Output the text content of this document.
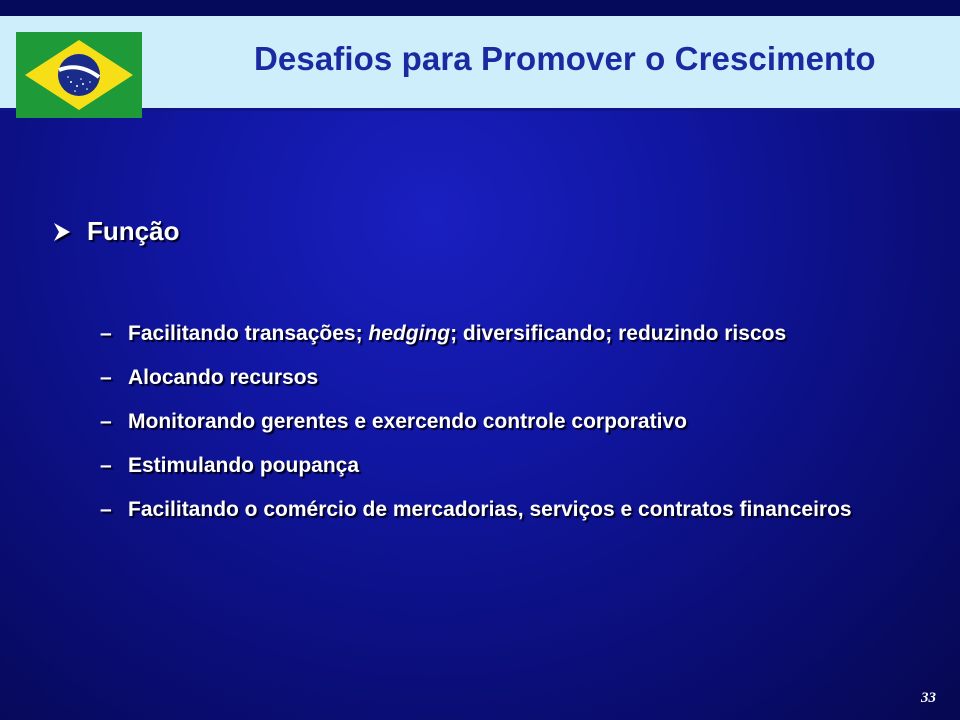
Desafios para Promover o Crescimento
Função
– Facilitando transações; hedging; diversificando; reduzindo riscos
– Alocando recursos
– Monitorando gerentes e exercendo controle corporativo
– Estimulando poupança
– Facilitando o comércio de mercadorias, serviços e contratos financeiros
33
